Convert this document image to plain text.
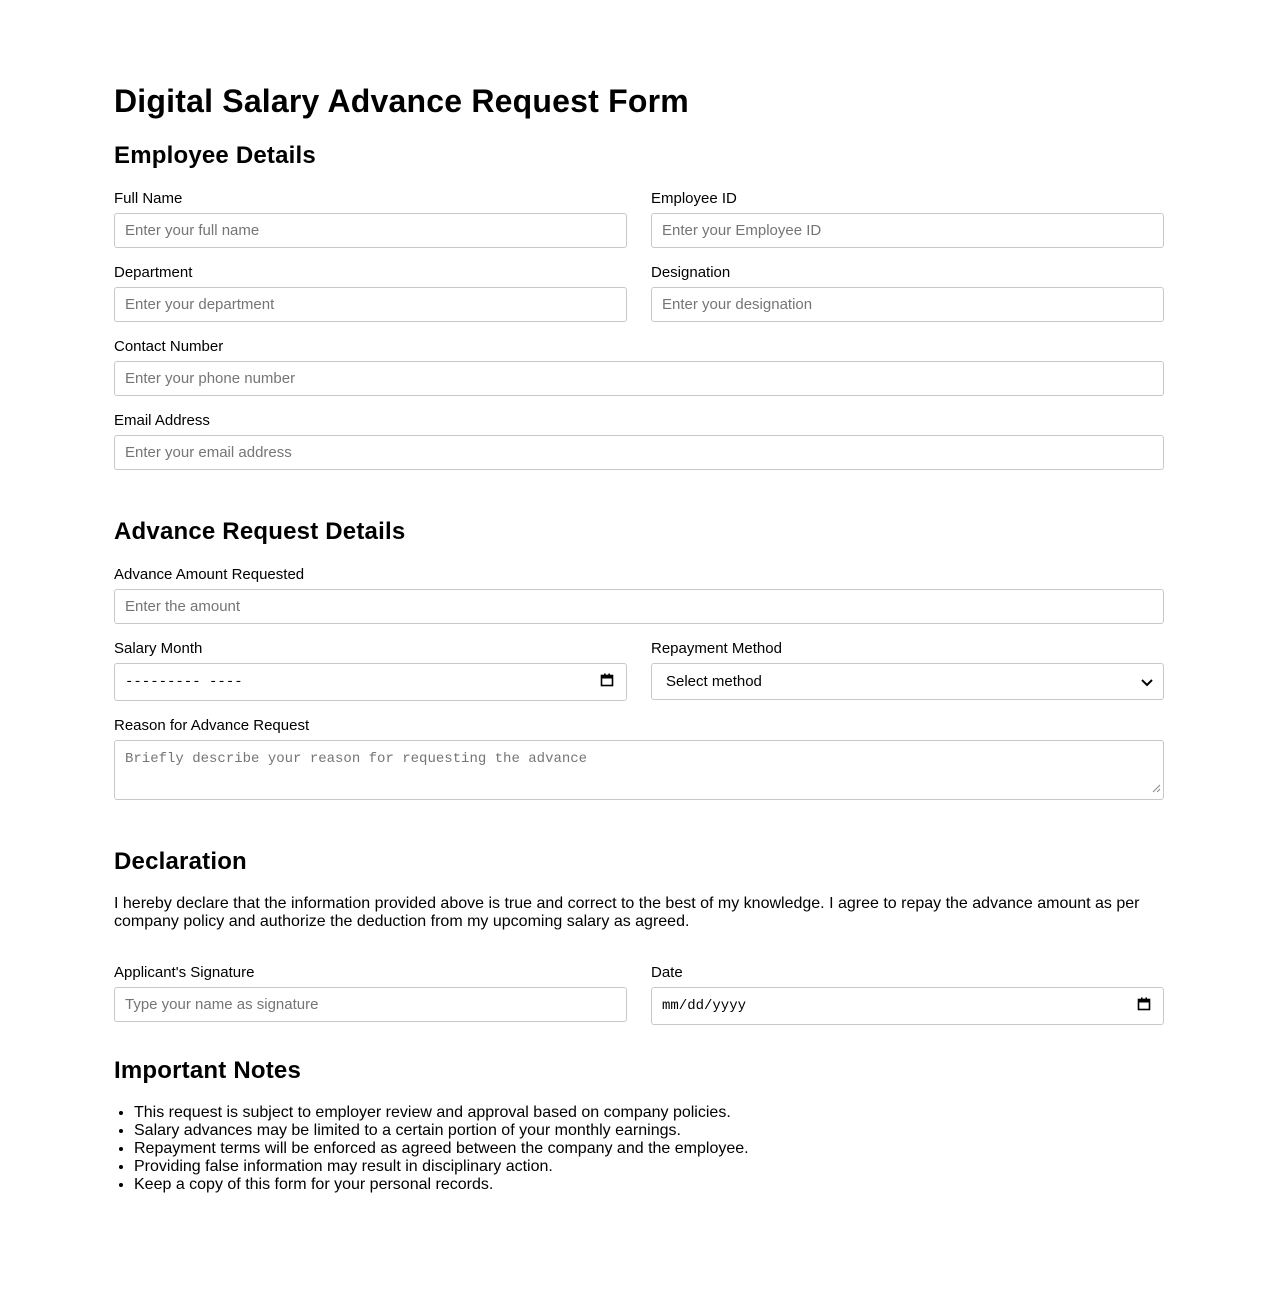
Digital Salary Advance Request Form
Employee Details
Full Name
Enter your full name
Employee ID
Enter your Employee ID
Department
Enter your department
Designation
Enter your designation
Contact Number
Enter your phone number
Email Address
Enter your email address
Advance Request Details
Advance Amount Requested
Enter the amount
Salary Month
--------- ----
Repayment Method
Select method
Reason for Advance Request
Briefly describe your reason for requesting the advance
Declaration

I hereby declare that the information provided above is true and correct to the best of my knowledge. I agree to repay the advance amount as per company policy and authorize the deduction from my upcoming salary as agreed.

Applicant's Signature
Type your name as signature
Date
mm/dd/yyyy
Important Notes
• This request is subject to employer review and approval based on company policies.
• Salary advances may be limited to a certain portion of your monthly earnings.
• Repayment terms will be enforced as agreed between the company and the employee.
• Providing false information may result in disciplinary action.
• Keep a copy of this form for your personal records.
